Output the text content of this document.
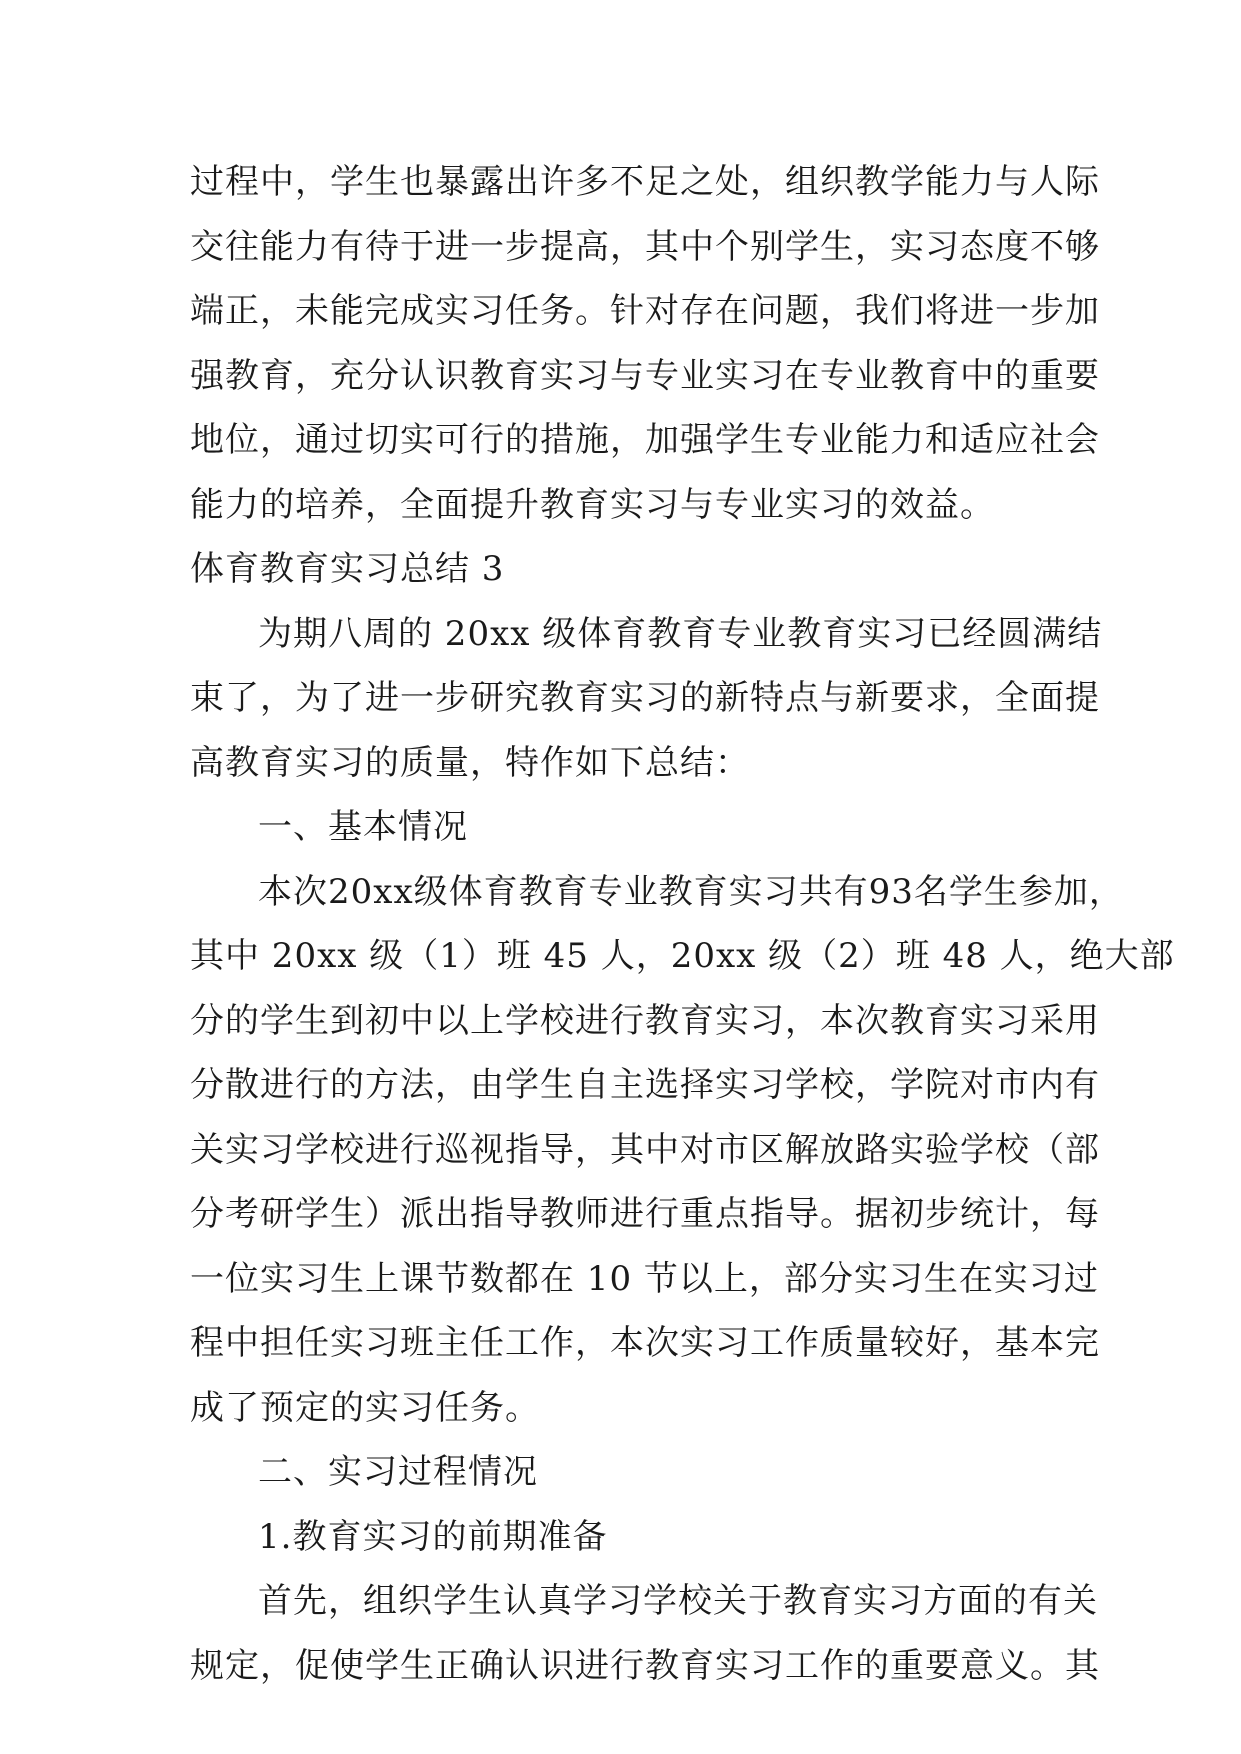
过程中，学生也暴露出许多不足之处，组织教学能力与人际
交往能力有待于进一步提高，其中个别学生，实习态度不够
端正，未能完成实习任务。针对存在问题，我们将进一步加
强教育，充分认识教育实习与专业实习在专业教育中的重要
地位，通过切实可行的措施，加强学生专业能力和适应社会
能力的培养，全面提升教育实习与专业实习的效益。
体育教育实习总结 3
为期八周的 20xx 级体育教育专业教育实习已经圆满结
束了，为了进一步研究教育实习的新特点与新要求，全面提
高教育实习的质量，特作如下总结：
一、基本情况
本次20xx级体育教育专业教育实习共有93名学生参加，
其中 20xx 级（1）班 45 人，20xx 级（2）班 48 人，绝大部
分的学生到初中以上学校进行教育实习，本次教育实习采用
分散进行的方法，由学生自主选择实习学校，学院对市内有
关实习学校进行巡视指导，其中对市区解放路实验学校（部
分考研学生）派出指导教师进行重点指导。据初步统计，每
一位实习生上课节数都在 10 节以上，部分实习生在实习过
程中担任实习班主任工作，本次实习工作质量较好，基本完
成了预定的实习任务。
二、实习过程情况
1.教育实习的前期准备
首先，组织学生认真学习学校关于教育实习方面的有关
规定，促使学生正确认识进行教育实习工作的重要意义。其
